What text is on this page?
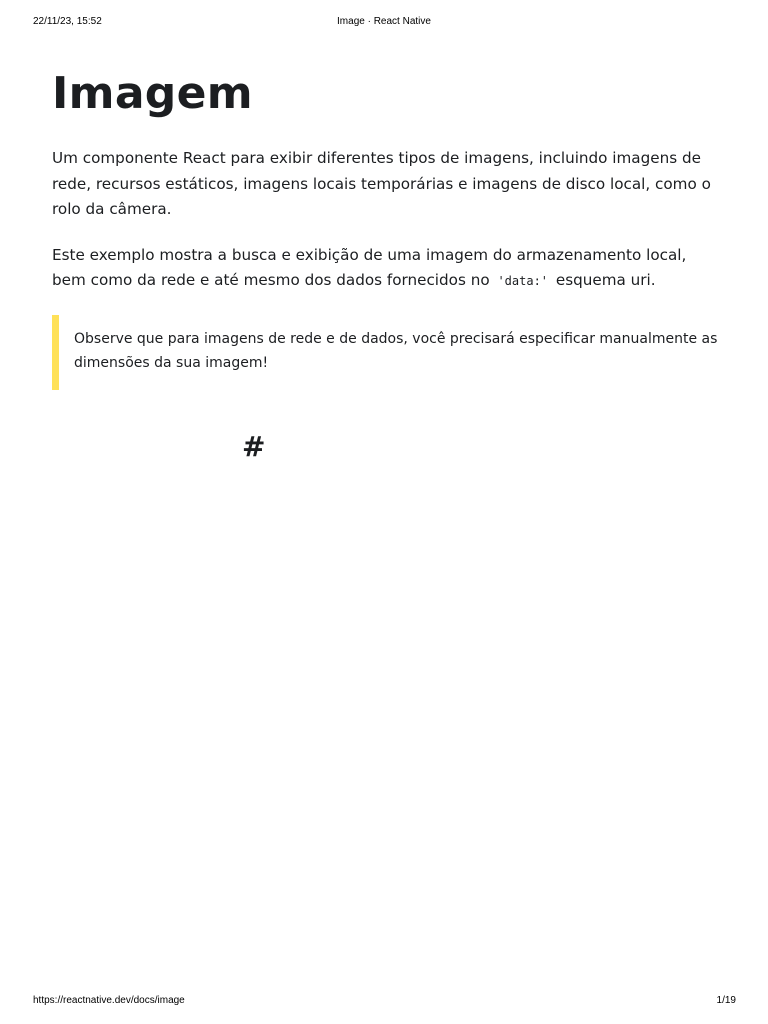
22/11/23, 15:52	Image · React Native
Imagem

Um componente React para exibir diferentes tipos de imagens, incluindo imagens de rede, recursos estáticos, imagens locais temporárias e imagens de disco local, como o rolo da câmera.

Este exemplo mostra a busca e exibição de uma imagem do armazenamento local, bem como da rede e até mesmo dos dados fornecidos no 'data:' esquema uri.

Observe que para imagens de rede e de dados, você precisará especificar manualmente as dimensões da sua imagem!

#
https://reactnative.dev/docs/image	1/19
